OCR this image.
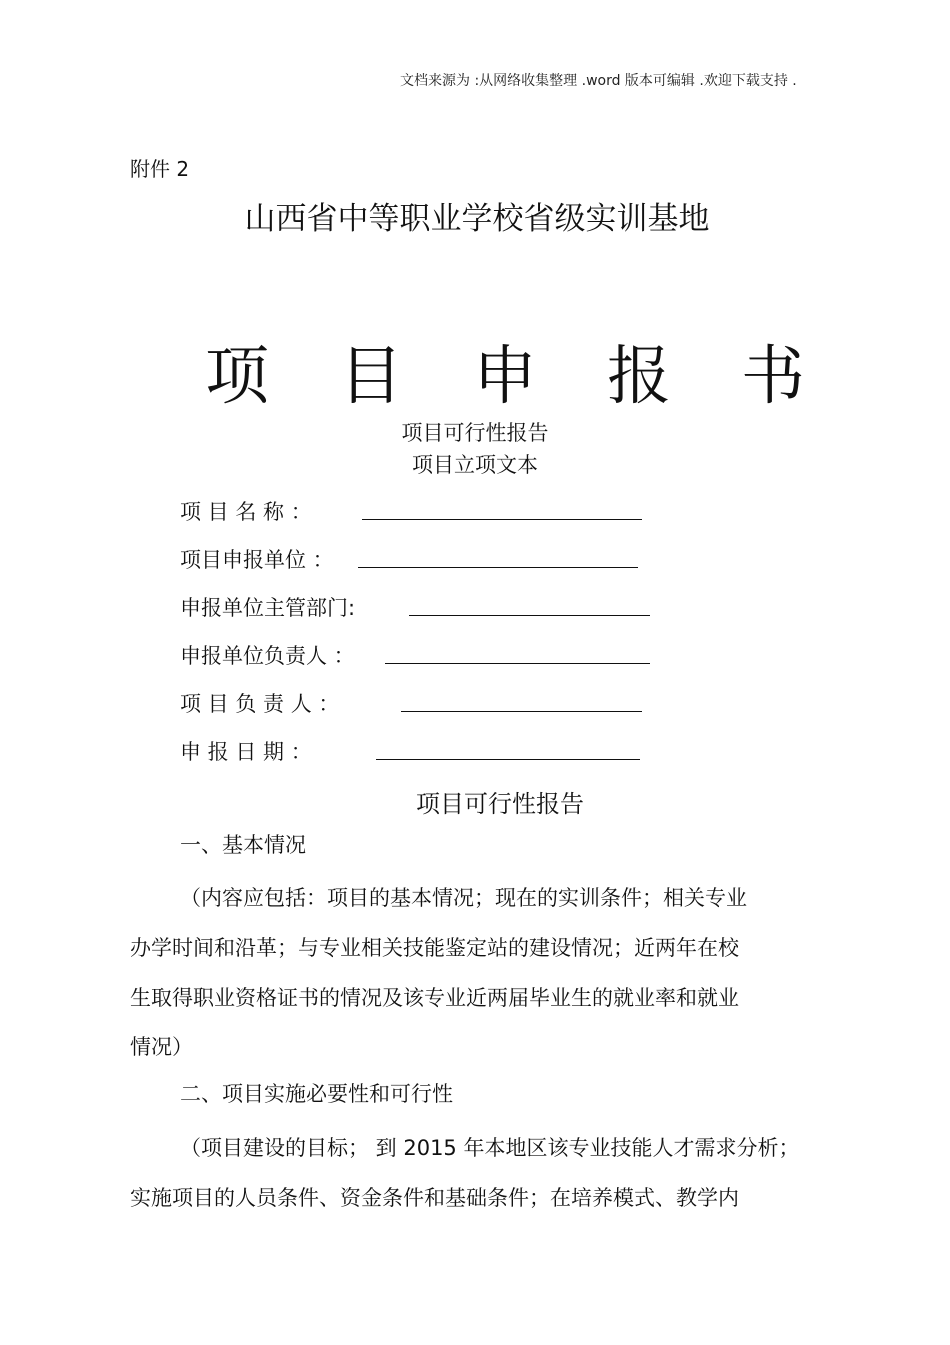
文档来源为 :从网络收集整理 .word 版本可编辑 .欢迎下载支持 .
附件 2
山西省中等职业学校省级实训基地
项 目 申 报 书
项目可行性报告
项目立项文本
项 目 名 称 ：
项目申报单位 ：
申报单位主管部门:
申报单位负责人 ：
项 目 负 责 人 ：
申 报 日 期 ：
项目可行性报告
一、基本情况
（内容应包括：项目的基本情况；现在的实训条件；相关专业
办学时间和沿革；与专业相关技能鉴定站的建设情况；近两年在校
生取得职业资格证书的情况及该专业近两届毕业生的就业率和就业
情况）
二、项目实施必要性和可行性
（项目建设的目标； 到 2015 年本地区该专业技能人才需求分析；
实施项目的人员条件、资金条件和基础条件；在培养模式、教学内
